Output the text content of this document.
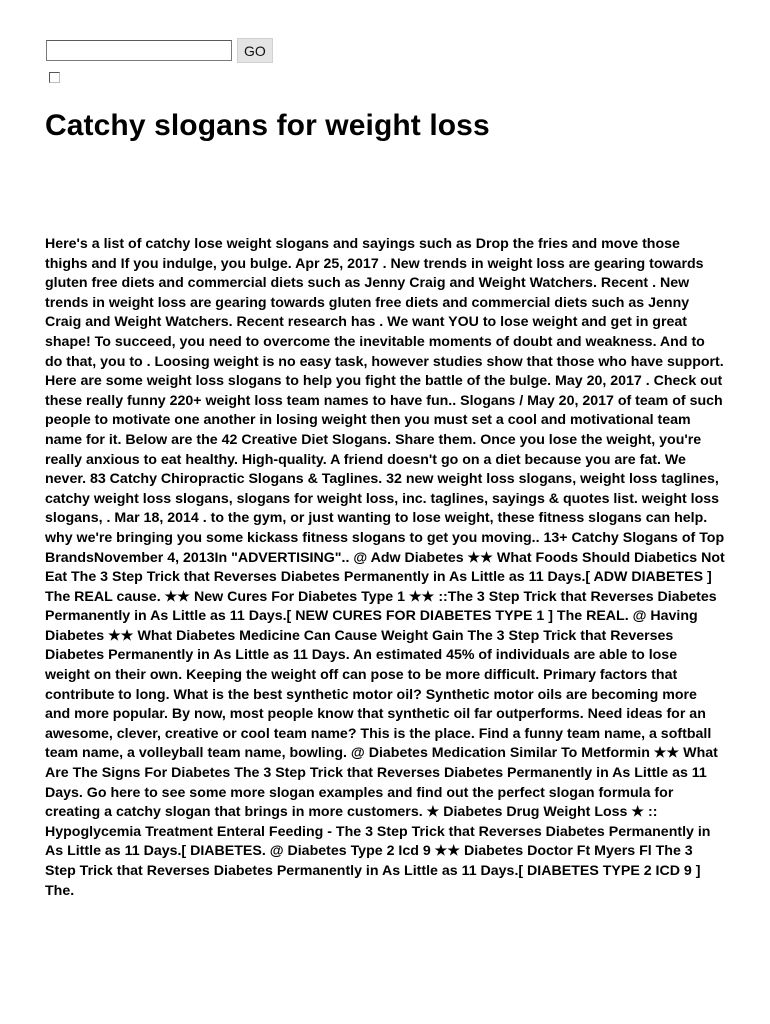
GO
Catchy slogans for weight loss

Here's a list of catchy lose weight slogans and sayings such as Drop the fries and move those thighs and If you indulge, you bulge. Apr 25, 2017 . New trends in weight loss are gearing towards gluten free diets and commercial diets such as Jenny Craig and Weight Watchers. Recent . New trends in weight loss are gearing towards gluten free diets and commercial diets such as Jenny Craig and Weight Watchers. Recent research has . We want YOU to lose weight and get in great shape! To succeed, you need to overcome the inevitable moments of doubt and weakness. And to do that, you to . Loosing weight is no easy task, however studies show that those who have support. Here are some weight loss slogans to help you fight the battle of the bulge. May 20, 2017 . Check out these really funny 220+ weight loss team names to have fun.. Slogans / May 20, 2017 of team of such people to motivate one another in losing weight then you must set a cool and motivational team name for it. Below are the 42 Creative Diet Slogans. Share them. Once you lose the weight, you're really anxious to eat healthy. High-quality. A friend doesn't go on a diet because you are fat. We never. 83 Catchy Chiropractic Slogans & Taglines. 32 new weight loss slogans, weight loss taglines, catchy weight loss slogans, slogans for weight loss, inc. taglines, sayings & quotes list. weight loss slogans, . Mar 18, 2014 . to the gym, or just wanting to lose weight, these fitness slogans can help. why we're bringing you some kickass fitness slogans to get you moving.. 13+ Catchy Slogans of Top BrandsNovember 4, 2013In "ADVERTISING".. @ Adw Diabetes ★★ What Foods Should Diabetics Not Eat The 3 Step Trick that Reverses Diabetes Permanently in As Little as 11 Days.[ ADW DIABETES ] The REAL cause. ★★ New Cures For Diabetes Type 1 ★★ ::The 3 Step Trick that Reverses Diabetes Permanently in As Little as 11 Days.[ NEW CURES FOR DIABETES TYPE 1 ] The REAL. @ Having Diabetes ★★ What Diabetes Medicine Can Cause Weight Gain The 3 Step Trick that Reverses Diabetes Permanently in As Little as 11 Days. An estimated 45% of individuals are able to lose weight on their own. Keeping the weight off can pose to be more difficult. Primary factors that contribute to long. What is the best synthetic motor oil? Synthetic motor oils are becoming more and more popular. By now, most people know that synthetic oil far outperforms. Need ideas for an awesome, clever, creative or cool team name? This is the place. Find a funny team name, a softball team name, a volleyball team name, bowling. @ Diabetes Medication Similar To Metformin ★★ What Are The Signs For Diabetes The 3 Step Trick that Reverses Diabetes Permanently in As Little as 11 Days. Go here to see some more slogan examples and find out the perfect slogan formula for creating a catchy slogan that brings in more customers. ★ Diabetes Drug Weight Loss ★ :: Hypoglycemia Treatment Enteral Feeding - The 3 Step Trick that Reverses Diabetes Permanently in As Little as 11 Days.[ DIABETES. @ Diabetes Type 2 Icd 9 ★★ Diabetes Doctor Ft Myers Fl The 3 Step Trick that Reverses Diabetes Permanently in As Little as 11 Days.[ DIABETES TYPE 2 ICD 9 ] The.
